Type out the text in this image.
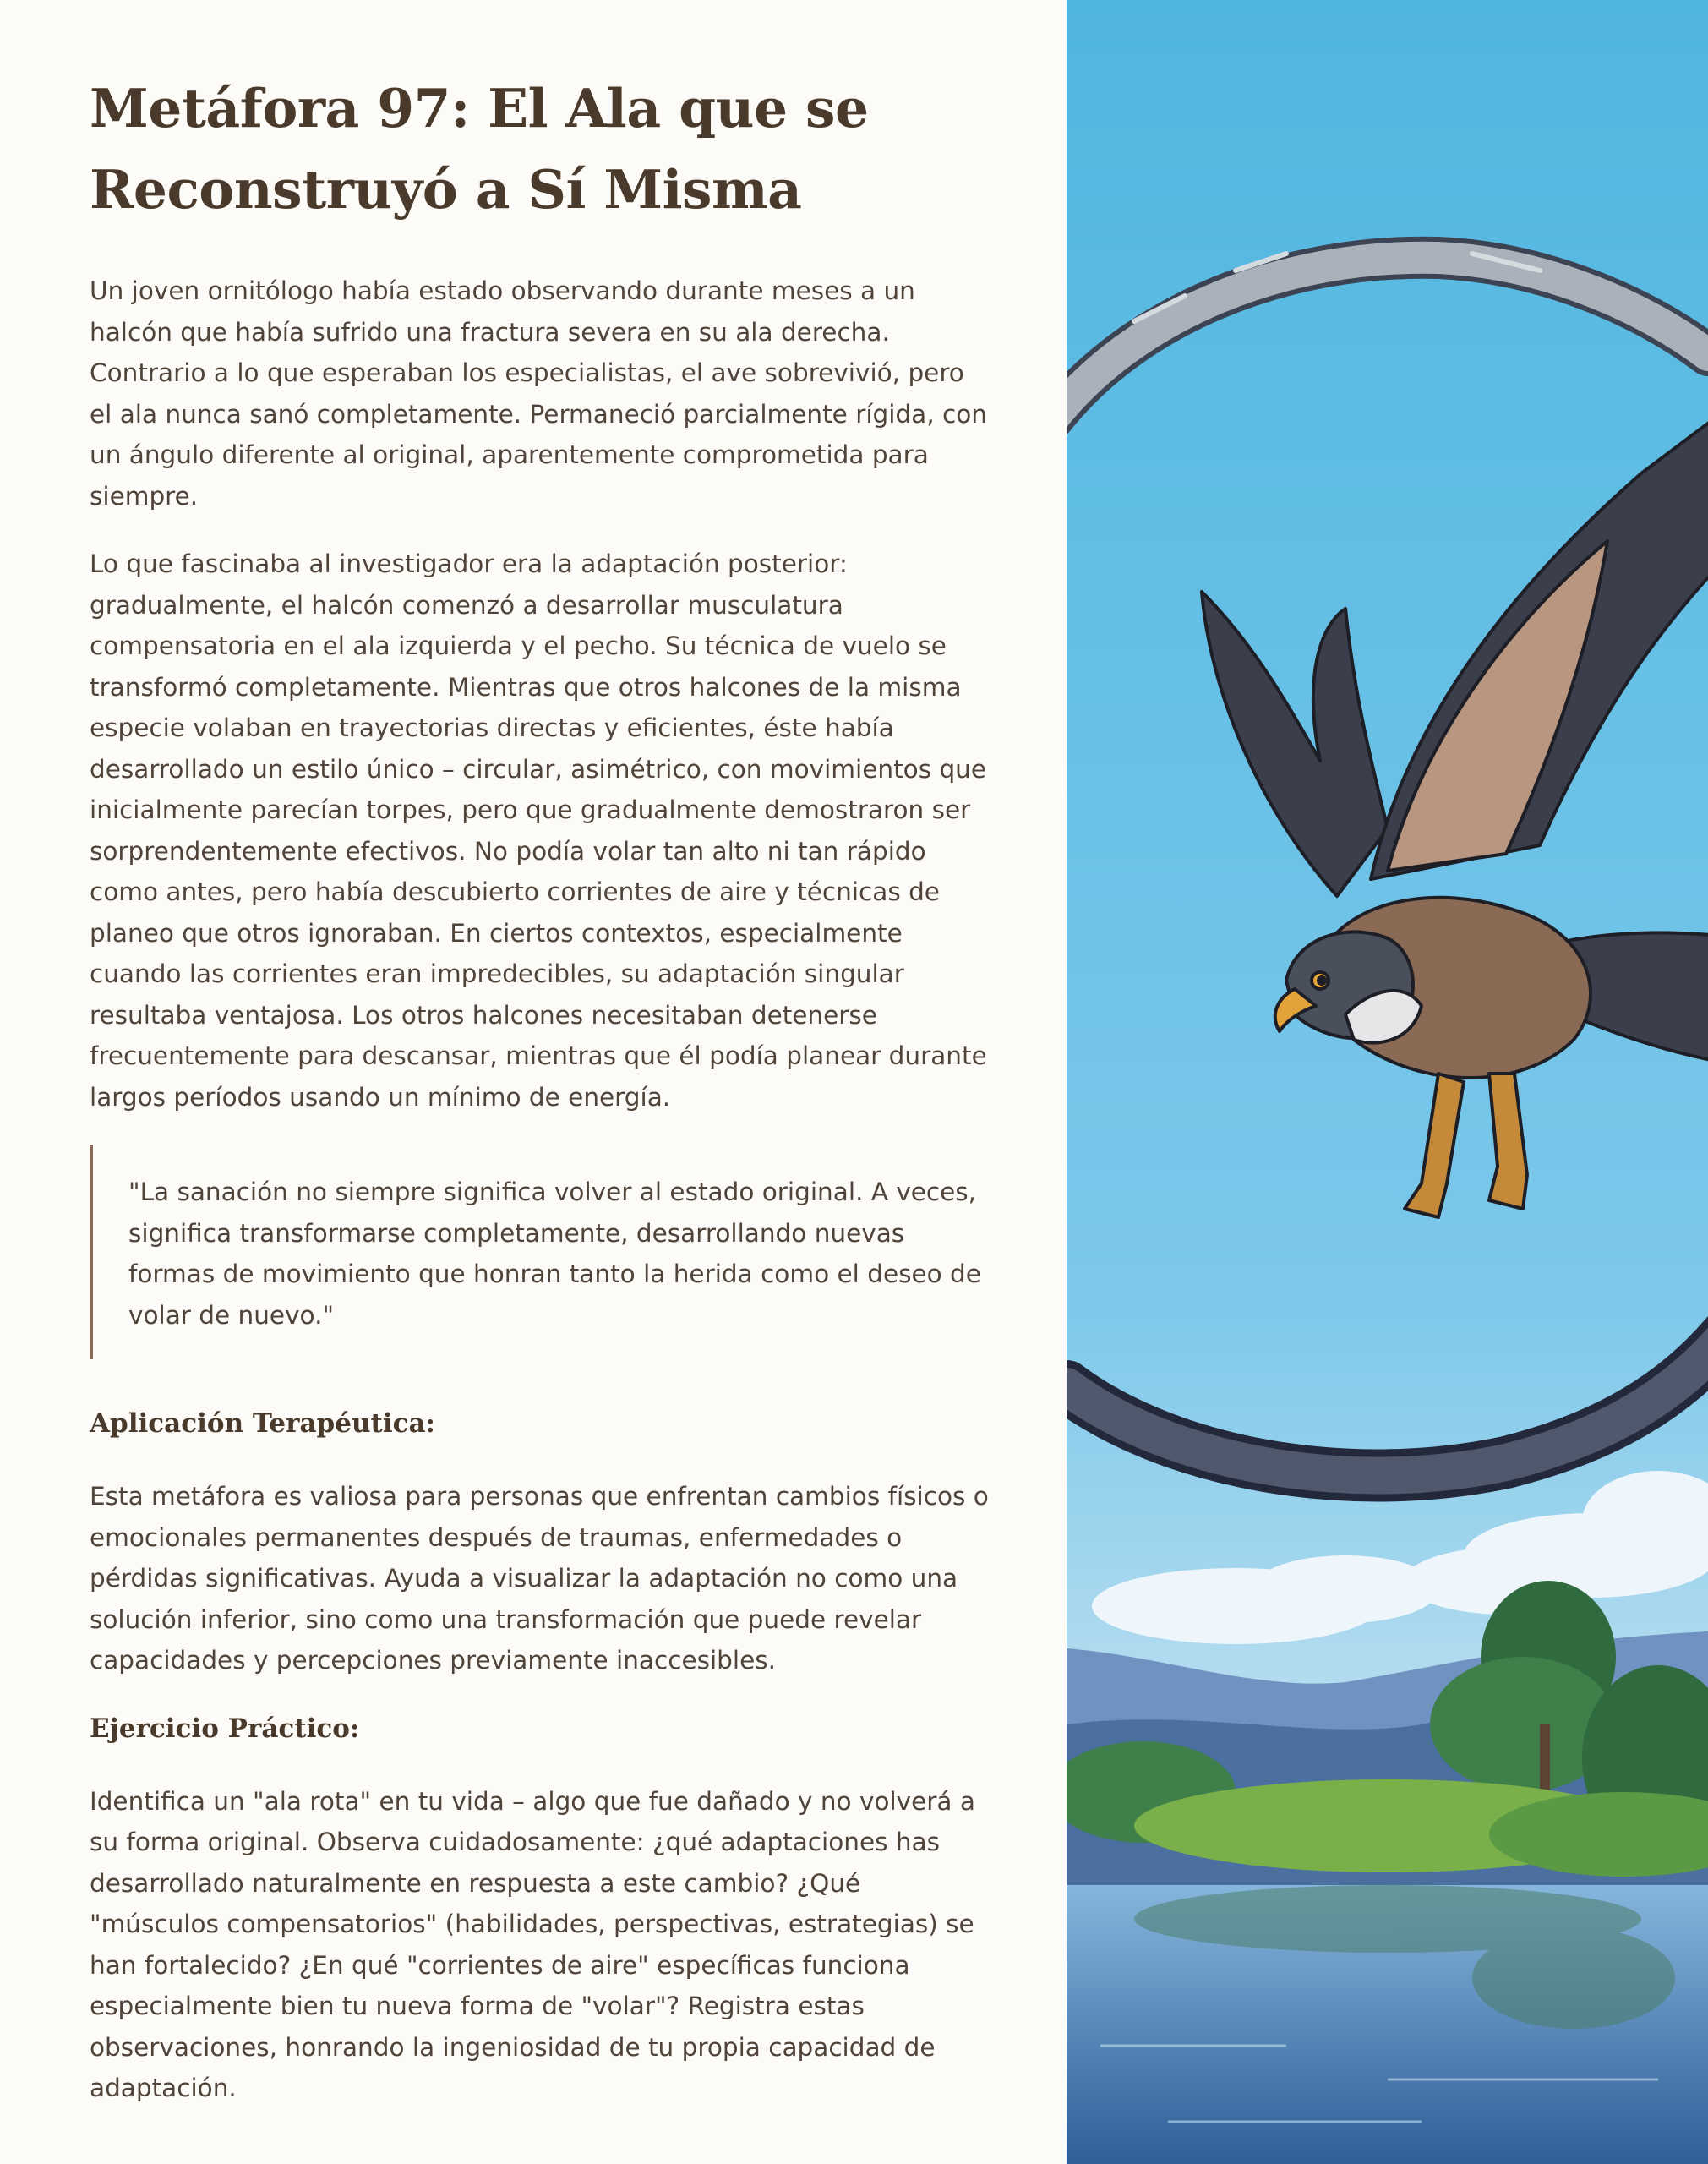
Metáfora 97: El Ala que se
Reconstruyó a Sí Misma

Un joven ornitólogo había estado observando durante meses a un halcón que había sufrido una fractura severa en su ala derecha. Contrario a lo que esperaban los especialistas, el ave sobrevivió, pero el ala nunca sanó completamente. Permaneció parcialmente rígida, con un ángulo diferente al original, aparentemente comprometida para siempre.

Lo que fascinaba al investigador era la adaptación posterior: gradualmente, el halcón comenzó a desarrollar musculatura compensatoria en el ala izquierda y el pecho. Su técnica de vuelo se transformó completamente. Mientras que otros halcones de la misma especie volaban en trayectorias directas y eficientes, éste había desarrollado un estilo único – circular, asimétrico, con movimientos que inicialmente parecían torpes, pero que gradualmente demostraron ser sorprendentemente efectivos. No podía volar tan alto ni tan rápido como antes, pero había descubierto corrientes de aire y técnicas de planeo que otros ignoraban. En ciertos contextos, especialmente cuando las corrientes eran impredecibles, su adaptación singular resultaba ventajosa. Los otros halcones necesitaban detenerse frecuentemente para descansar, mientras que él podía planear durante largos períodos usando un mínimo de energía.

"La sanación no siempre significa volver al estado original. A veces, significa transformarse completamente, desarrollando nuevas formas de movimiento que honran tanto la herida como el deseo de volar de nuevo."

Aplicación Terapéutica:

Esta metáfora es valiosa para personas que enfrentan cambios físicos o emocionales permanentes después de traumas, enfermedades o pérdidas significativas. Ayuda a visualizar la adaptación no como una solución inferior, sino como una transformación que puede revelar capacidades y percepciones previamente inaccesibles.

Ejercicio Práctico:

Identifica un "ala rota" en tu vida – algo que fue dañado y no volverá a su forma original. Observa cuidadosamente: ¿qué adaptaciones has desarrollado naturalmente en respuesta a este cambio? ¿Qué "músculos compensatorios" (habilidades, perspectivas, estrategias) se han fortalecido? ¿En qué "corrientes de aire" específicas funciona especialmente bien tu nueva forma de "volar"? Registra estas observaciones, honrando la ingeniosidad de tu propia capacidad de adaptación.
